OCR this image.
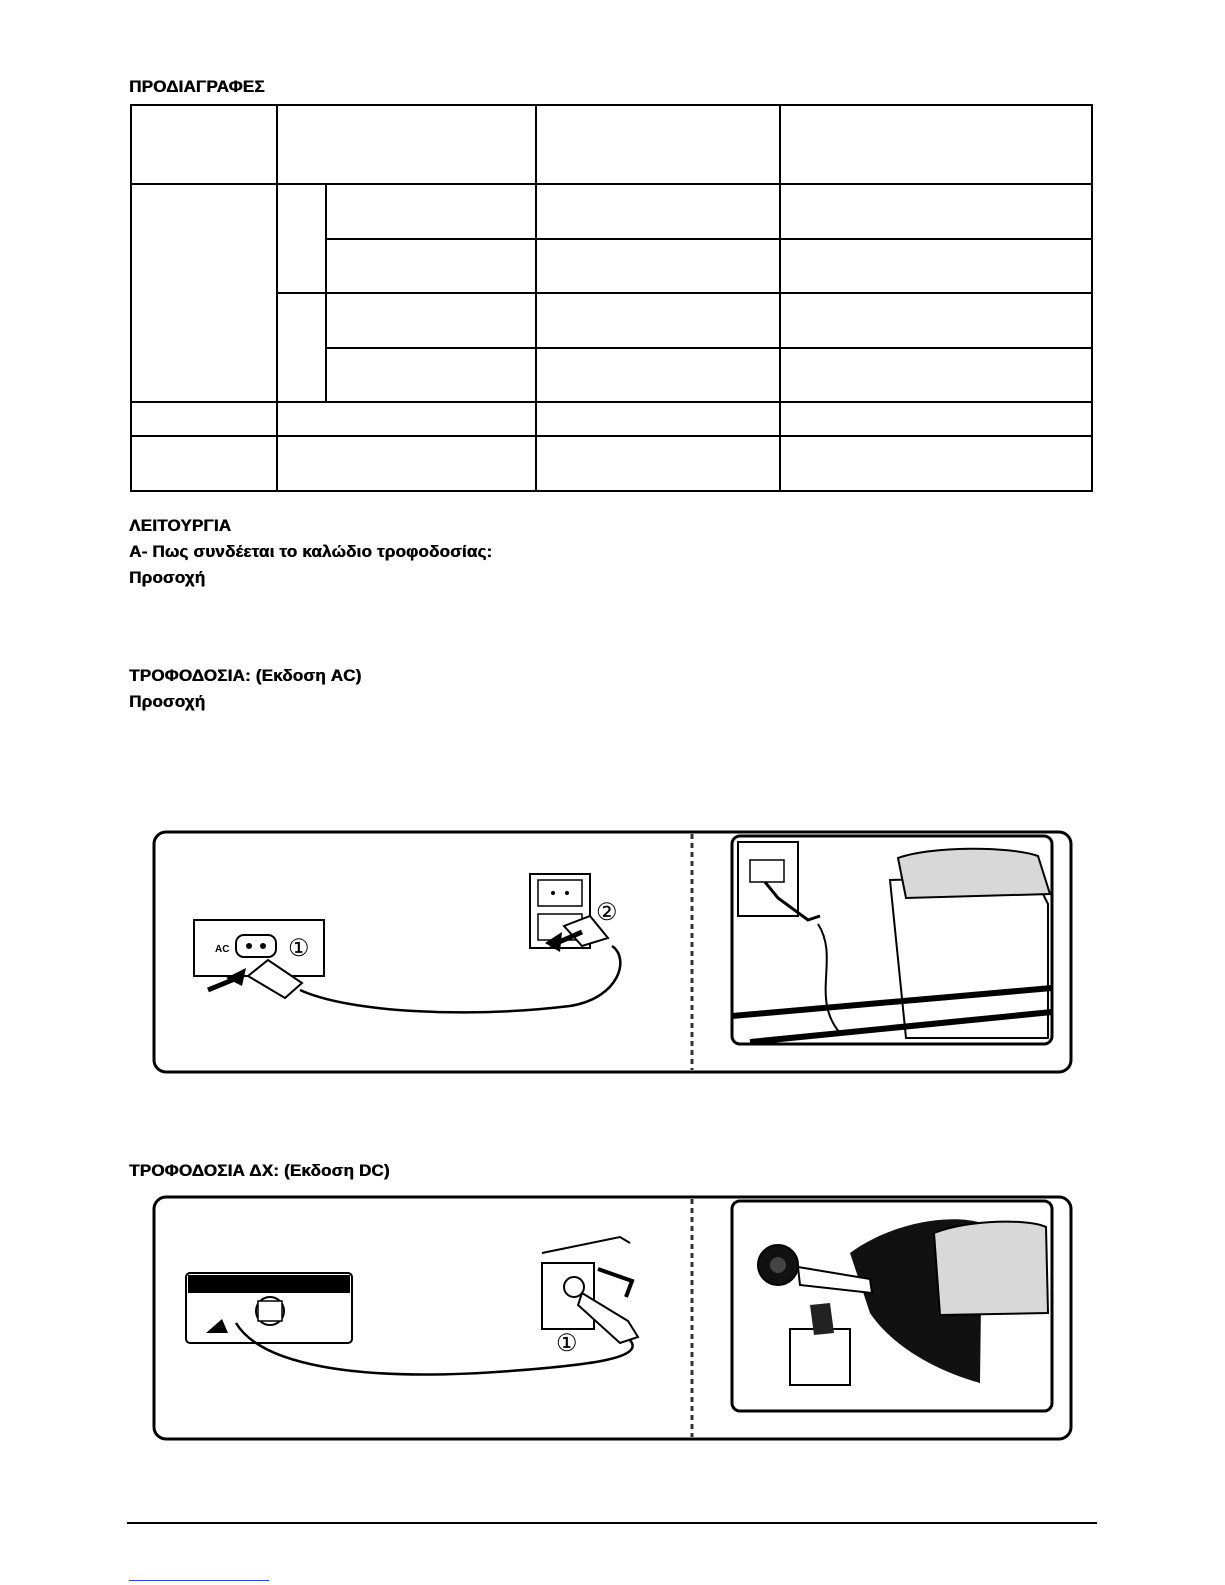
ΠΡΟΔΙΑΓΡΑΦΕΣ
ΛΕΙΤΟΥΡΓΙΑ
Α- Πως συνδέεται το καλώδιο τροφοδοσίας:
Προσοχή
ΤΡΟΦΟΔΟΣΙΑ: (Εκδοση AC)
Προσοχή
AC ①
②
ΤΡΟΦΟΔΟΣΙΑ ΔΧ: (Εκδοση DC)
①
